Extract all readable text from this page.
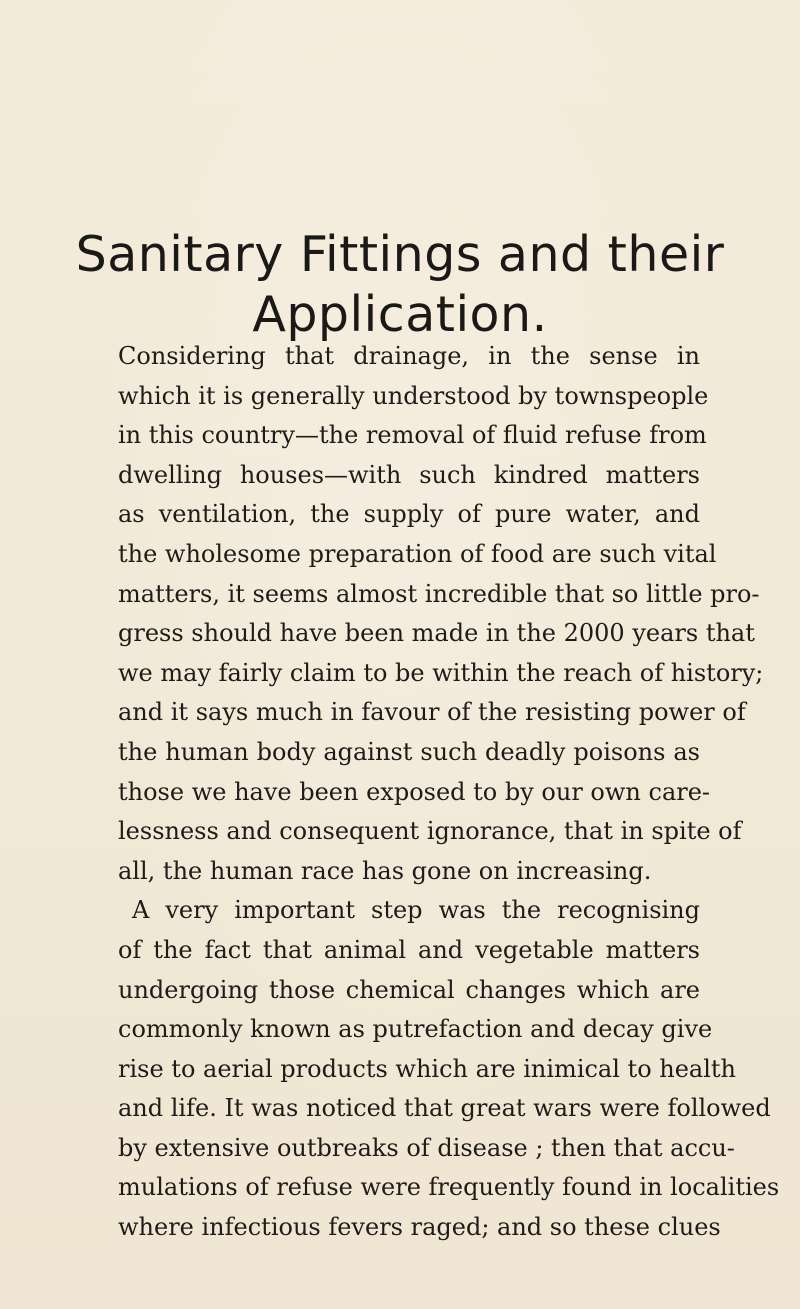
Sanitary Fittings and their
Application.
Considering that drainage, in the sense in
which it is generally understood by townspeople
in this country—the removal of fluid refuse from
dwelling houses—with such kindred matters
as ventilation, the supply of pure water, and
the wholesome preparation of food are such vital
matters, it seems almost incredible that so little pro-
gress should have been made in the 2000 years that
we may fairly claim to be within the reach of history;
and it says much in favour of the resisting power of
the human body against such deadly poisons as
those we have been exposed to by our own care-
lessness and consequent ignorance, that in spite of
all, the human race has gone on increasing.
A very important step was the recognising
of the fact that animal and vegetable matters
undergoing those chemical changes which are
commonly known as putrefaction and decay give
rise to aerial products which are inimical to health
and life. It was noticed that great wars were followed
by extensive outbreaks of disease ; then that accu-
mulations of refuse were frequently found in localities
where infectious fevers raged; and so these clues
